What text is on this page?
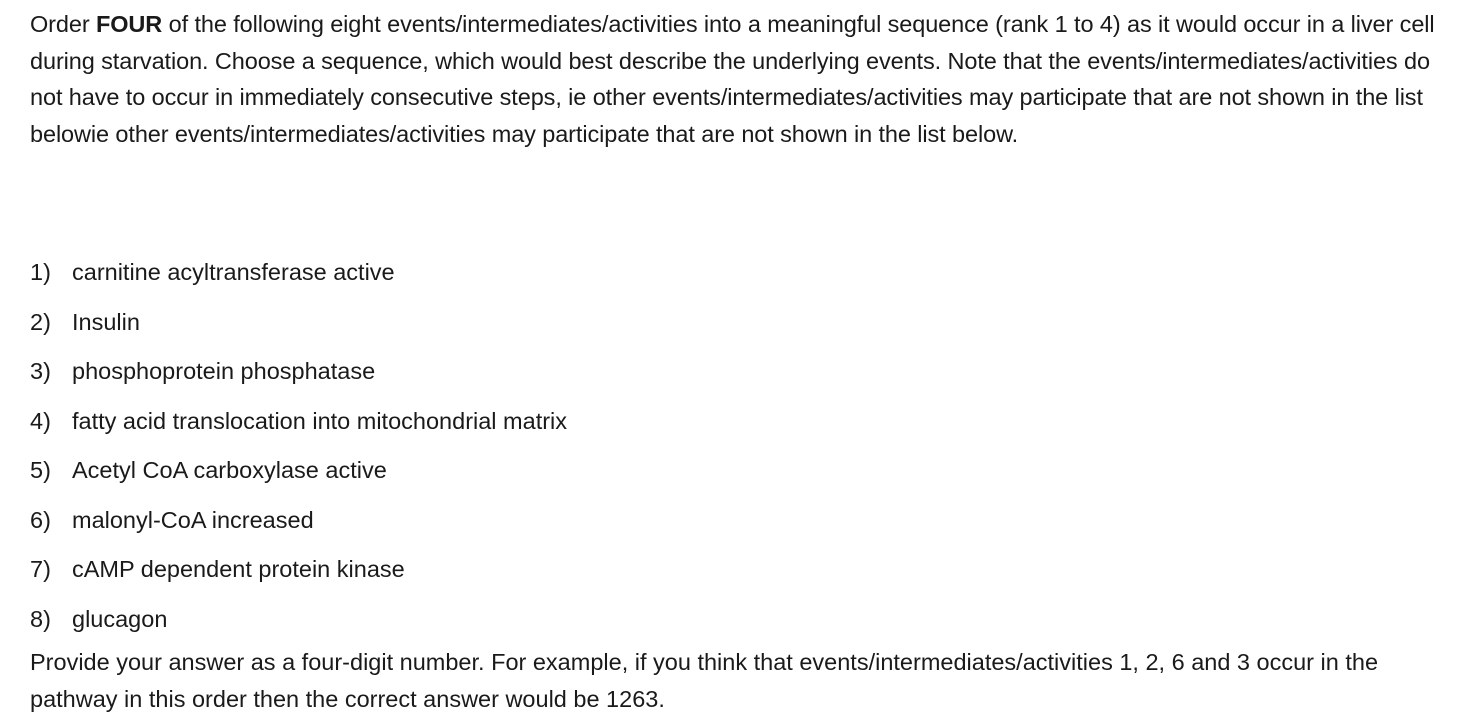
Order FOUR of the following eight events/intermediates/activities into a meaningful sequence (rank 1 to 4) as it would occur in a liver cell during starvation. Choose a sequence, which would best describe the underlying events. Note that the events/intermediates/activities do not have to occur in immediately consecutive steps, ie other events/intermediates/activities may participate that are not shown in the list belowie other events/intermediates/activities may participate that are not shown in the list below.

1) carnitine acyltransferase active
2) Insulin
3) phosphoprotein phosphatase
4) fatty acid translocation into mitochondrial matrix
5) Acetyl CoA carboxylase active
6) malonyl-CoA increased
7) cAMP dependent protein kinase
8) glucagon

Provide your answer as a four-digit number. For example, if you think that events/intermediates/activities 1, 2, 6 and 3 occur in the pathway in this order then the correct answer would be 1263.
